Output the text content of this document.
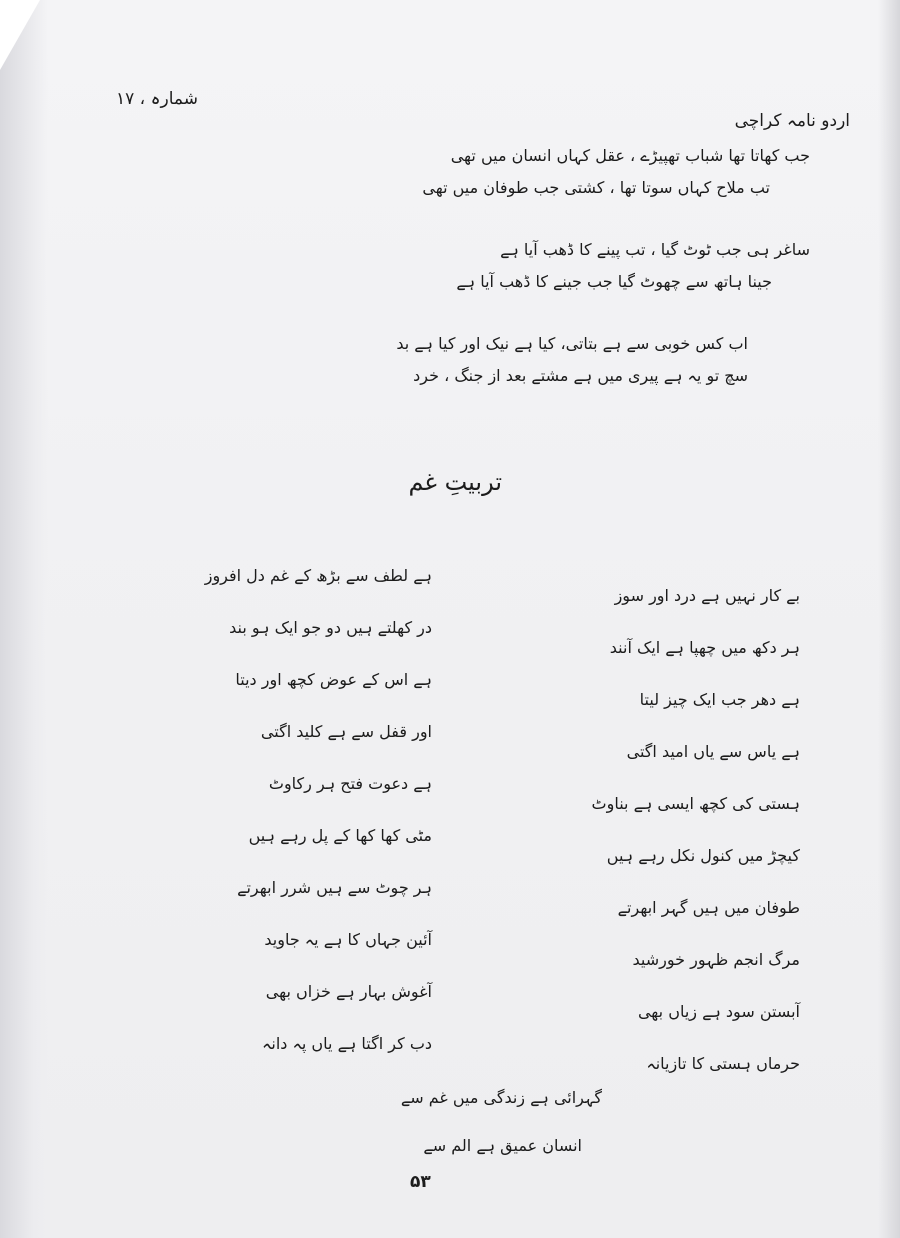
شمارہ ، ۱۷
اردو نامہ کراچی
جب کھاتا تھا شباب تھپیڑے ، عقل کہاں انسان میں تھی
تب ملاح کہاں سوتا تھا ، کشتی جب طوفان میں تھی
ساغر ہی جب ٹوٹ گیا ، تب پینے کا ڈھب آیا ہے
جینا ہاتھ سے چھوٹ گیا جب جینے کا ڈھب آیا ہے
اب کس خوبی سے ہے بتاتی، کیا ہے نیک اور کیا ہے بد
سچ تو یہ ہے پیری میں ہے مشتے بعد از جنگ ، خرد
تربیتِ غم
بے کار نہیں ہے درد اور سوز
ہر دکھ میں چھپا ہے ایک آنند
ہے دھر جب ایک چیز لیتا
ہے یاس سے یاں امید اگتی
ہستی کی کچھ ایسی ہے بناوٹ
کیچڑ میں کنول نکل رہے ہیں
طوفان میں ہیں گہر ابھرتے
مرگ انجم ظہور خورشید
آبستن سود ہے زیاں بھی
حرماں ہستی کا تازیانہ
ہے لطف سے بڑھ کے غم دل افروز
در کھلتے ہیں دو جو ایک ہو بند
ہے اس کے عوض کچھ اور دیتا
اور قفل سے ہے کلید اگتی
ہے دعوت فتح ہر رکاوٹ
مٹی کھا کھا کے پل رہے ہیں
ہر چوٹ سے ہیں شرر ابھرتے
آئین جہاں کا ہے یہ جاوید
آغوش بہار ہے خزاں بھی
دب کر اگتا ہے یاں پہ دانہ
گہرائی ہے زندگی میں غم سے
انسان عمیق ہے الم سے
۵۳
